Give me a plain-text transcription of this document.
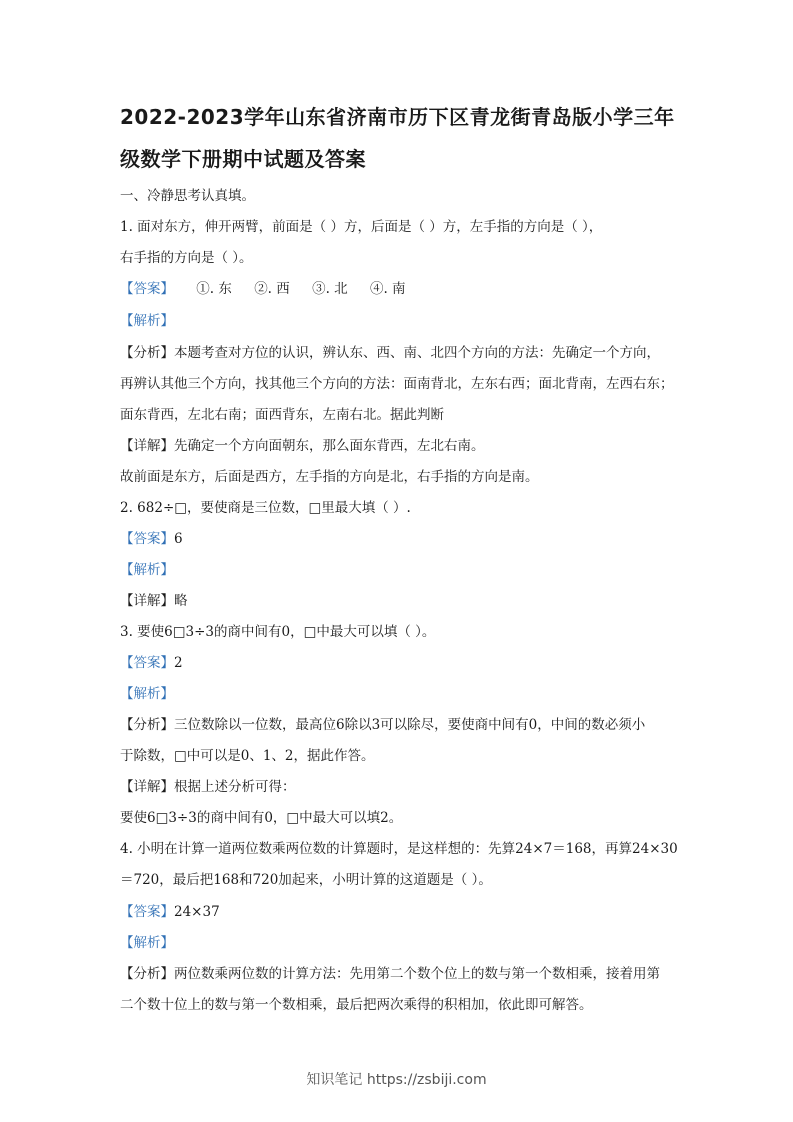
2022-2023学年山东省济南市历下区青龙街青岛版小学三年
级数学下册期中试题及答案
一、冷静思考认真填。
1. 面对东方，伸开两臂，前面是（ ）方，后面是（ ）方，左手指的方向是（ ），
右手指的方向是（ ）。
【答案】 ①. 东 ②. 西 ③. 北 ④. 南
【解析】
【分析】本题考查对方位的认识，辨认东、西、南、北四个方向的方法：先确定一个方向，
再辨认其他三个方向，找其他三个方向的方法：面南背北，左东右西；面北背南，左西右东；
面东背西，左北右南；面西背东，左南右北。据此判断
【详解】先确定一个方向面朝东，那么面东背西，左北右南。
故前面是东方，后面是西方，左手指的方向是北，右手指的方向是南。
2. 682÷□，要使商是三位数，□里最大填（ ）.
【答案】6
【解析】
【详解】略
3. 要使6□3÷3的商中间有0，□中最大可以填（ ）。
【答案】2
【解析】
【分析】三位数除以一位数，最高位6除以3可以除尽，要使商中间有0，中间的数必须小
于除数，□中可以是0、1、2，据此作答。
【详解】根据上述分析可得：
要使6□3÷3的商中间有0，□中最大可以填2。
4. 小明在计算一道两位数乘两位数的计算题时，是这样想的：先算24×7＝168，再算24×30
＝720，最后把168和720加起来，小明计算的这道题是（ ）。
【答案】24×37
【解析】
【分析】两位数乘两位数的计算方法：先用第二个数个位上的数与第一个数相乘，接着用第
二个数十位上的数与第一个数相乘，最后把两次乘得的积相加，依此即可解答。
知识笔记 https://zsbiji.com
